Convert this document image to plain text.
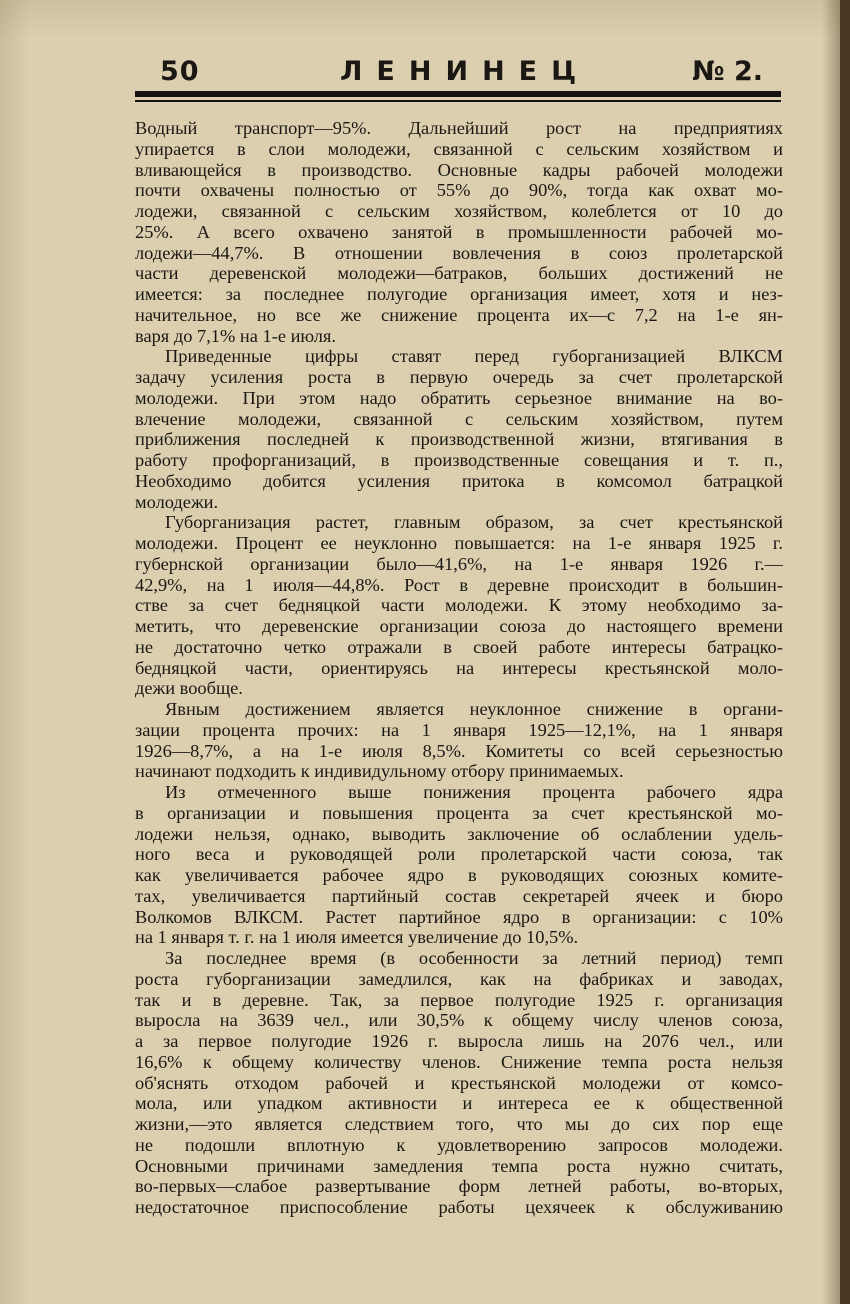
50	ЛЕНИНЕЦ	№ 2.
Водный транспорт—95%. Дальнейший рост на предприятиях
упирается в слои молодежи, связанной с сельским хозяйством и
вливающейся в производство. Основные кадры рабочей молодежи
почти охвачены полностью от 55% до 90%, тогда как охват мо-
лодежи, связанной с сельским хозяйством, колеблется от 10 до
25%. А всего охвачено занятой в промышленности рабочей мо-
лодежи—44,7%. В отношении вовлечения в союз пролетарской
части деревенской молодежи—батраков, больших достижений не
имеется: за последнее полугодие организация имеет, хотя и нез-
начительное, но все же снижение процента их—с 7,2 на 1-е ян-
варя до 7,1% на 1-е июля.
Приведенные цифры ставят перед губорганизацией ВЛКСМ
задачу усиления роста в первую очередь за счет пролетарской
молодежи. При этом надо обратить серьезное внимание на во-
влечение молодежи, связанной с сельским хозяйством, путем
приближения последней к производственной жизни, втягивания в
работу профорганизаций, в производственные совещания и т. п.,
Необходимо добится усиления притока в комсомол батрацкой
молодежи.
Губорганизация растет, главным образом, за счет крестьянской
молодежи. Процент ее неуклонно повышается: на 1-е января 1925 г.
губернской организации было—41,6%, на 1-е января 1926 г.—
42,9%, на 1 июля—44,8%. Рост в деревне происходит в большин-
стве за счет бедняцкой части молодежи. К этому необходимо за-
метить, что деревенские организации союза до настоящего времени
не достаточно четко отражали в своей работе интересы батрацко-
бедняцкой части, ориентируясь на интересы крестьянской моло-
дежи вообще.
Явным достижением является неуклонное снижение в органи-
зации процента прочих: на 1 января 1925—12,1%, на 1 января
1926—8,7%, а на 1-е июля 8,5%. Комитеты со всей серьезностью
начинают подходить к индивидульному отбору принимаемых.
Из отмеченного выше понижения процента рабочего ядра
в организации и повышения процента за счет крестьянской мо-
лодежи нельзя, однако, выводить заключение об ослаблении удель-
ного веса и руководящей роли пролетарской части союза, так
как увеличивается рабочее ядро в руководящих союзных комите-
тах, увеличивается партийный состав секретарей ячеек и бюро
Волкомов ВЛКСМ. Растет партийное ядро в организации: с 10%
на 1 января т. г. на 1 июля имеется увеличение до 10,5%.
За последнее время (в особенности за летний период) темп
роста губорганизации замедлился, как на фабриках и заводах,
так и в деревне. Так, за первое полугодие 1925 г. организация
выросла на 3639 чел., или 30,5% к общему числу членов союза,
а за первое полугодие 1926 г. выросла лишь на 2076 чел., или
16,6% к общему количеству членов. Снижение темпа роста нельзя
об'яснять отходом рабочей и крестьянской молодежи от комсо-
мола, или упадком активности и интереса ее к общественной
жизни,—это является следствием того, что мы до сих пор еще
не подошли вплотную к удовлетворению запросов молодежи.
Основными причинами замедления темпа роста нужно считать,
во-первых—слабое развертывание форм летней работы, во-вторых,
недостаточное приспособление работы цехячеек к обслуживанию
